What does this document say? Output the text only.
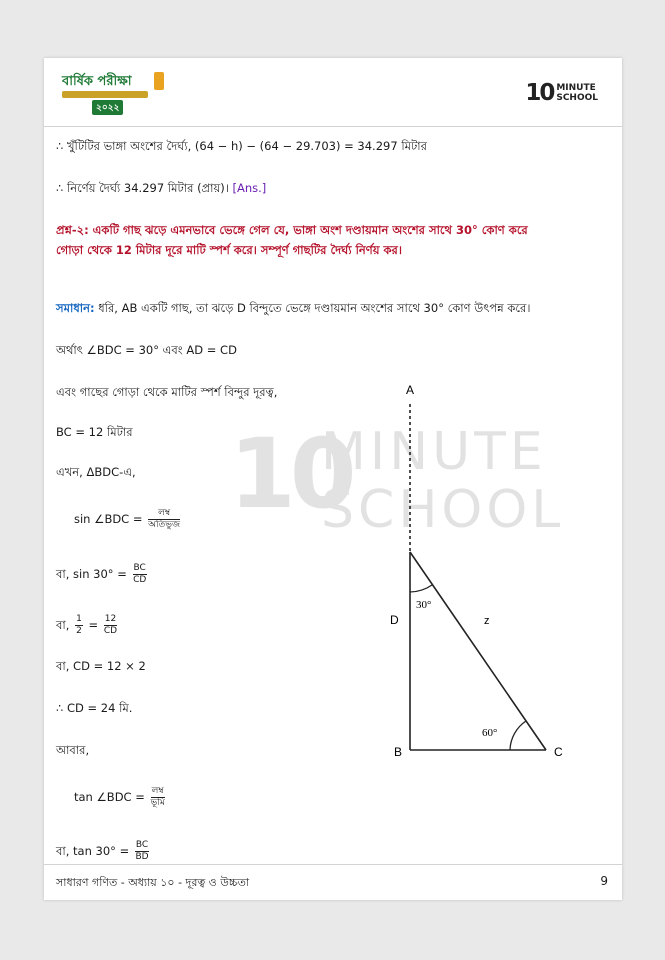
বার্ষিক পরীক্ষা
২০২২
10 MINUTE
SCHOOL
10
MINUTE
SCHOOL
∴ খুঁটিটির ভাঙ্গা অংশের দৈর্ঘ্য, (64 − h) − (64 − 29.703) = 34.297 মিটার
∴ নির্ণেয় দৈর্ঘ্য 34.297 মিটার (প্রায়)। [Ans.]
প্রশ্ন-২: একটি গাছ ঝড়ে এমনভাবে ভেঙ্গে গেল যে, ভাঙ্গা অংশ দণ্ডায়মান অংশের সাথে 30° কোণ করে
গোড়া থেকে 12 মিটার দূরে মাটি স্পর্শ করে। সম্পূর্ণ গাছটির দৈর্ঘ্য নির্ণয় কর।
সমাধান: ধরি, AB একটি গাছ, তা ঝড়ে D বিন্দুতে ভেঙ্গে দণ্ডায়মান অংশের সাথে 30° কোণ উৎপন্ন করে।
অর্থাৎ ∠BDC = 30° এবং AD = CD
এবং গাছের গোড়া থেকে মাটির স্পর্শ বিন্দুর দূরত্ব,
BC = 12 মিটার
এখন, ΔBDC-এ,
sin ∠BDC = $\frac{\text{লম্ব}}{\text{অতিভুজ}}$
বা, $\sin 30^\circ = \frac{BC}{CD}$
বা, $\frac{1}{2} = \frac{12}{CD}$
বা, CD = 12 × 2
∴ CD = 24 মি.
আবার,
tan ∠BDC = $\frac{\text{লম্ব}}{\text{ভূমি}}$
বা, $\tan 30^\circ = \frac{BC}{BD}$
A
D
B	C
z
30°
60°
সাধারণ গণিত - অধ্যায় ১০ - দূরত্ব ও উচ্চতা	9
